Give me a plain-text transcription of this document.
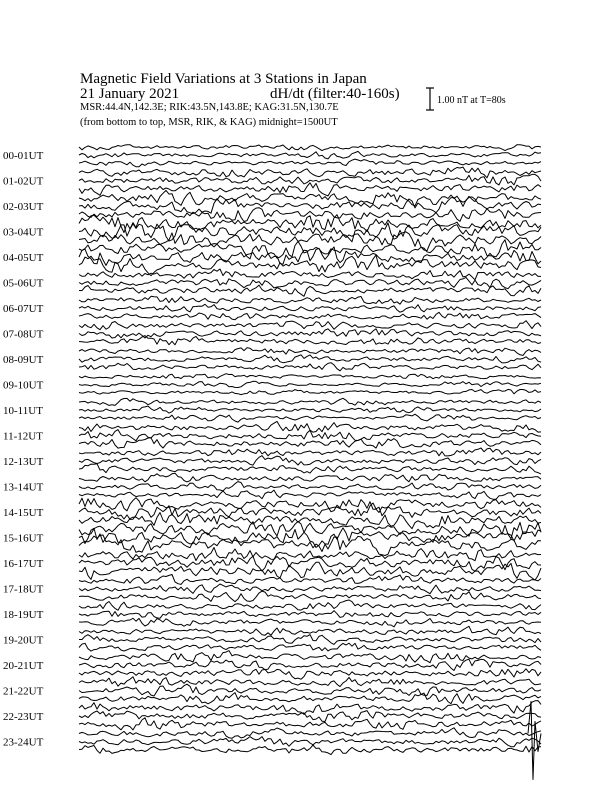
Magnetic Field Variations at 3 Stations in Japan
21 January 2021	dH/dt (filter:40-160s)
MSR:44.4N,142.3E; RIK:43.5N,143.8E; KAG:31.5N,130.7E
(from bottom to top, MSR, RIK, & KAG) midnight=1500UT
1.00 nT at T=80s
00-01UT
01-02UT
02-03UT
03-04UT
04-05UT
05-06UT
06-07UT
07-08UT
08-09UT
09-10UT
10-11UT
11-12UT
12-13UT
13-14UT
14-15UT
15-16UT
16-17UT
17-18UT
18-19UT
19-20UT
20-21UT
21-22UT
22-23UT
23-24UT
